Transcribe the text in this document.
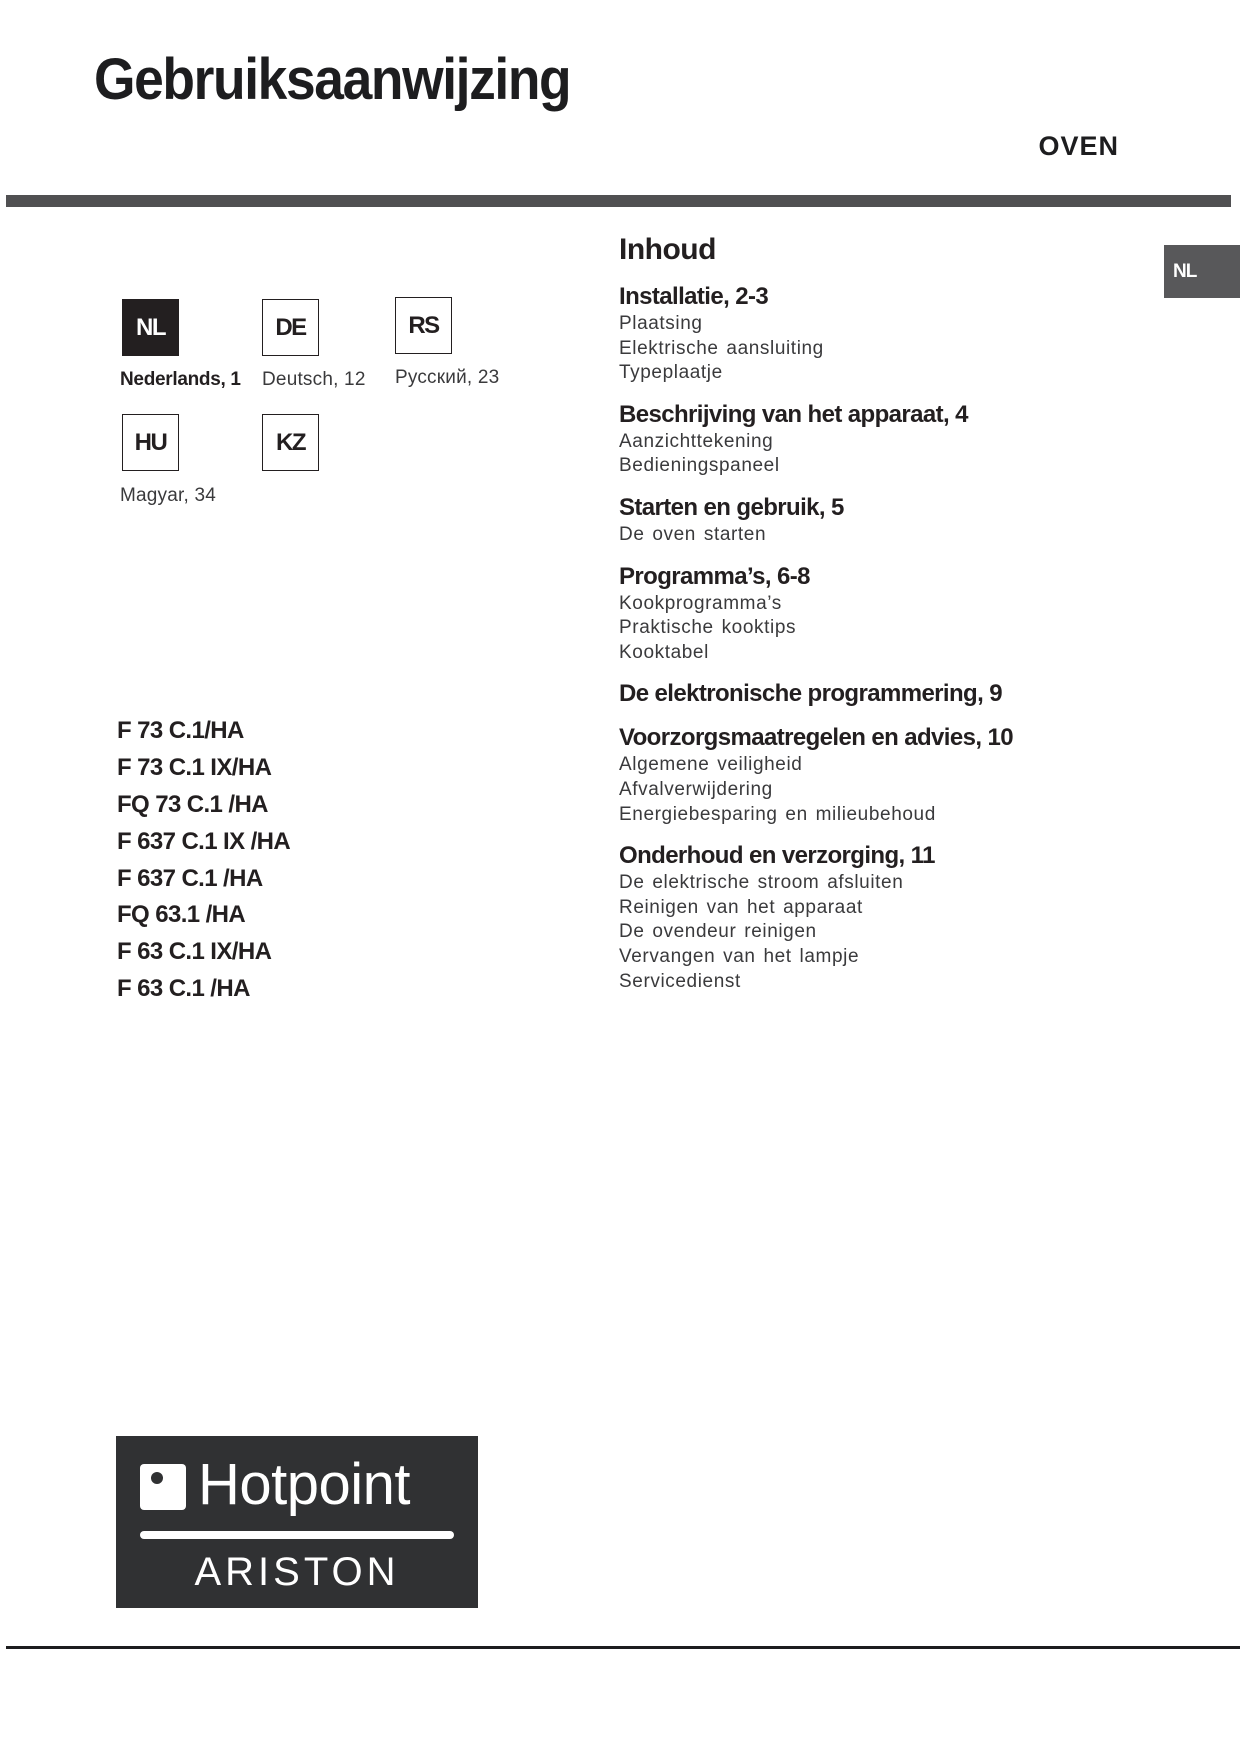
Gebruiksaanwijzing
OVEN
NL
NL	DE	RS
HU	KZ
Nederlands, 1 Deutsch, 12 Русский, 23
Magyar, 34
F 73 C.1/HA
F 73 C.1 IX/HA
FQ 73 C.1 /HA
F 637 C.1 IX /HA
F 637 C.1 /HA
FQ 63.1 /HA
F 63 C.1 IX/HA
F 63 C.1 /HA
Inhoud
Installatie, 2-3
Plaatsing
Elektrische aansluiting
Typeplaatje
Beschrijving van het apparaat, 4
Aanzichttekening
Bedieningspaneel
Starten en gebruik, 5
De oven starten
Programma’s, 6-8
Kookprogramma’s
Praktische kooktips
Kooktabel
De elektronische programmering, 9
Voorzorgsmaatregelen en advies, 10
Algemene veiligheid
Afvalverwijdering
Energiebesparing en milieubehoud
Onderhoud en verzorging, 11
De elektrische stroom afsluiten
Reinigen van het apparaat
De ovendeur reinigen
Vervangen van het lampje
Servicedienst
Hotpoint
ARISTON
